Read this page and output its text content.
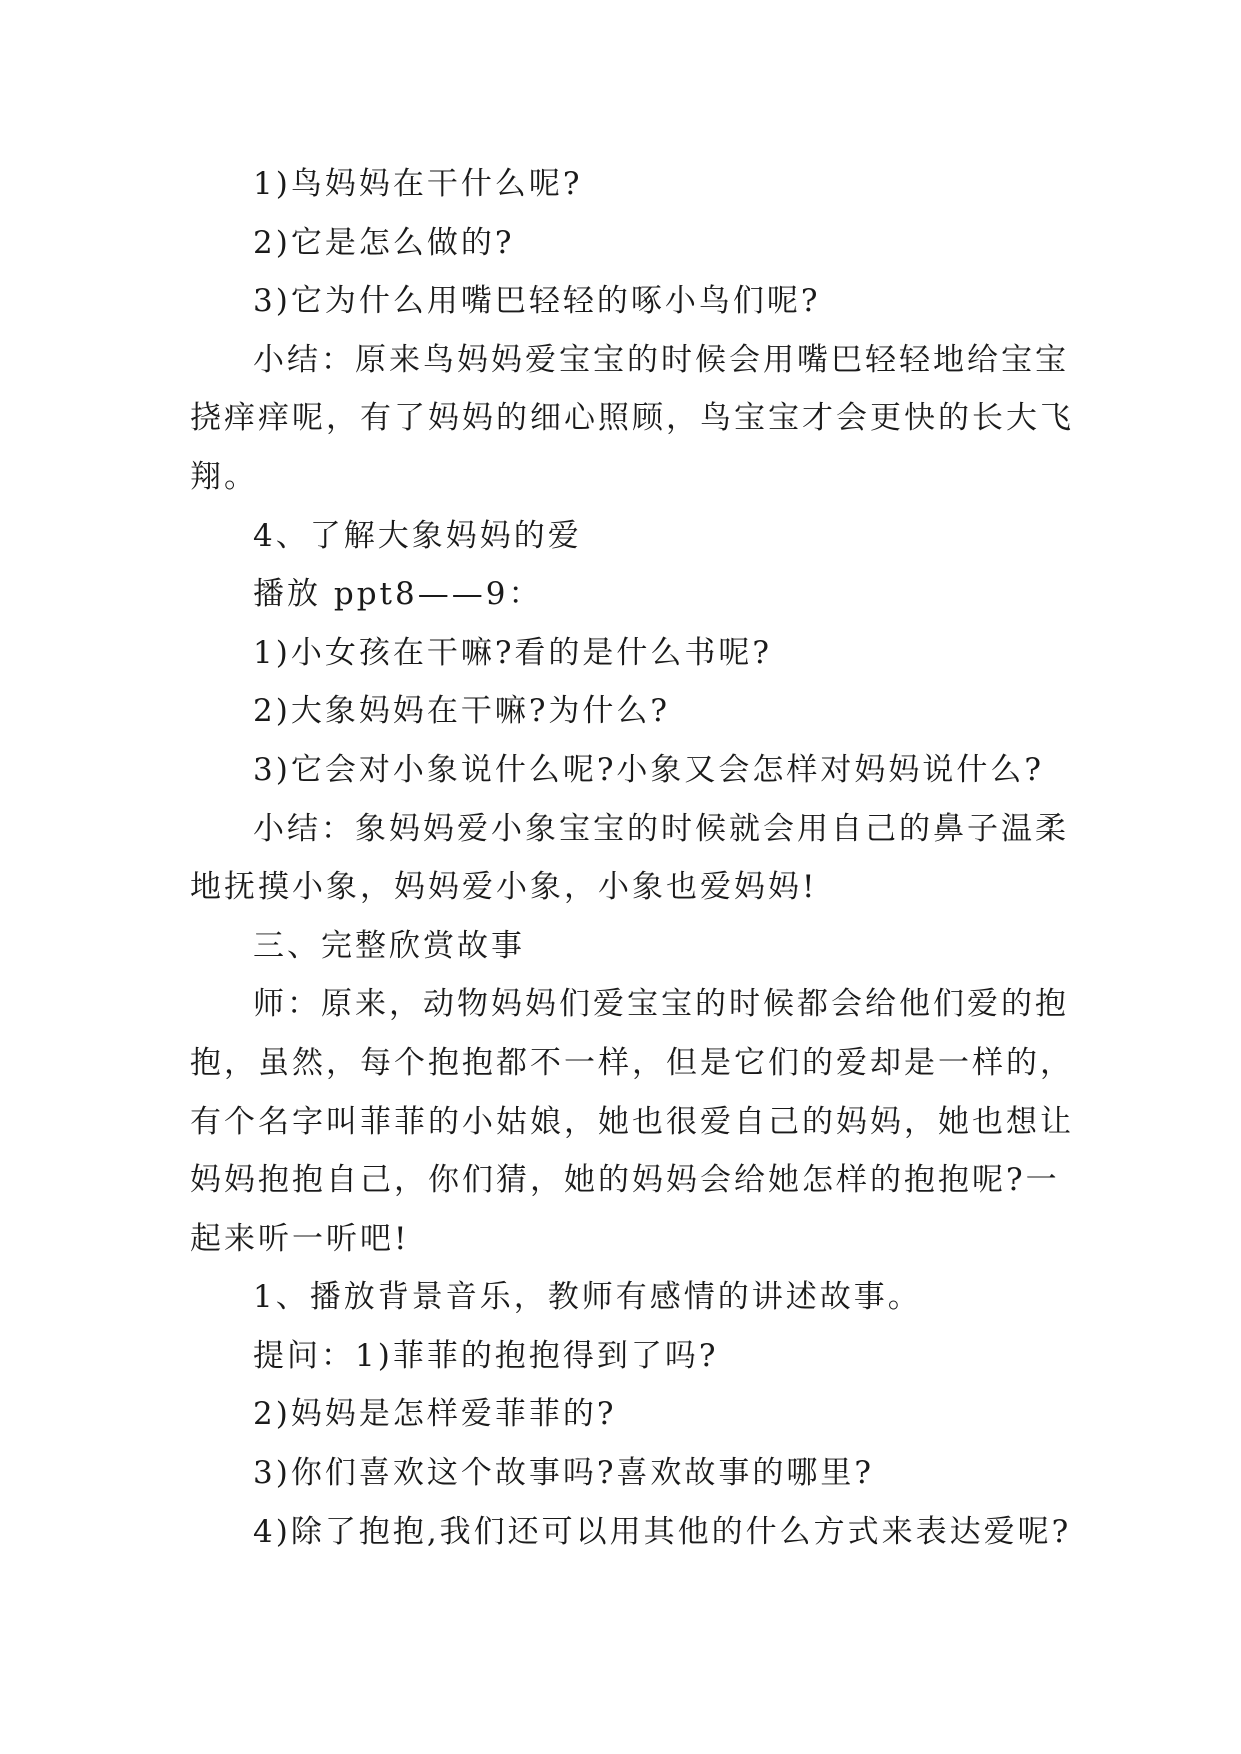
1)鸟妈妈在干什么呢?
2)它是怎么做的?
3)它为什么用嘴巴轻轻的啄小鸟们呢?
小结：原来鸟妈妈爱宝宝的时候会用嘴巴轻轻地给宝宝
挠痒痒呢，有了妈妈的细心照顾，鸟宝宝才会更快的长大飞
翔。
4、了解大象妈妈的爱
播放 ppt8——9：
1)小女孩在干嘛?看的是什么书呢?
2)大象妈妈在干嘛?为什么?
3)它会对小象说什么呢?小象又会怎样对妈妈说什么?
小结：象妈妈爱小象宝宝的时候就会用自己的鼻子温柔
地抚摸小象，妈妈爱小象，小象也爱妈妈!
三、完整欣赏故事
师：原来，动物妈妈们爱宝宝的时候都会给他们爱的抱
抱，虽然，每个抱抱都不一样，但是它们的爱却是一样的，
有个名字叫菲菲的小姑娘，她也很爱自己的妈妈，她也想让
妈妈抱抱自己，你们猜，她的妈妈会给她怎样的抱抱呢?一
起来听一听吧!
1、播放背景音乐，教师有感情的讲述故事。
提问：1)菲菲的抱抱得到了吗?
2)妈妈是怎样爱菲菲的?
3)你们喜欢这个故事吗?喜欢故事的哪里?
4)除了抱抱,我们还可以用其他的什么方式来表达爱呢?
